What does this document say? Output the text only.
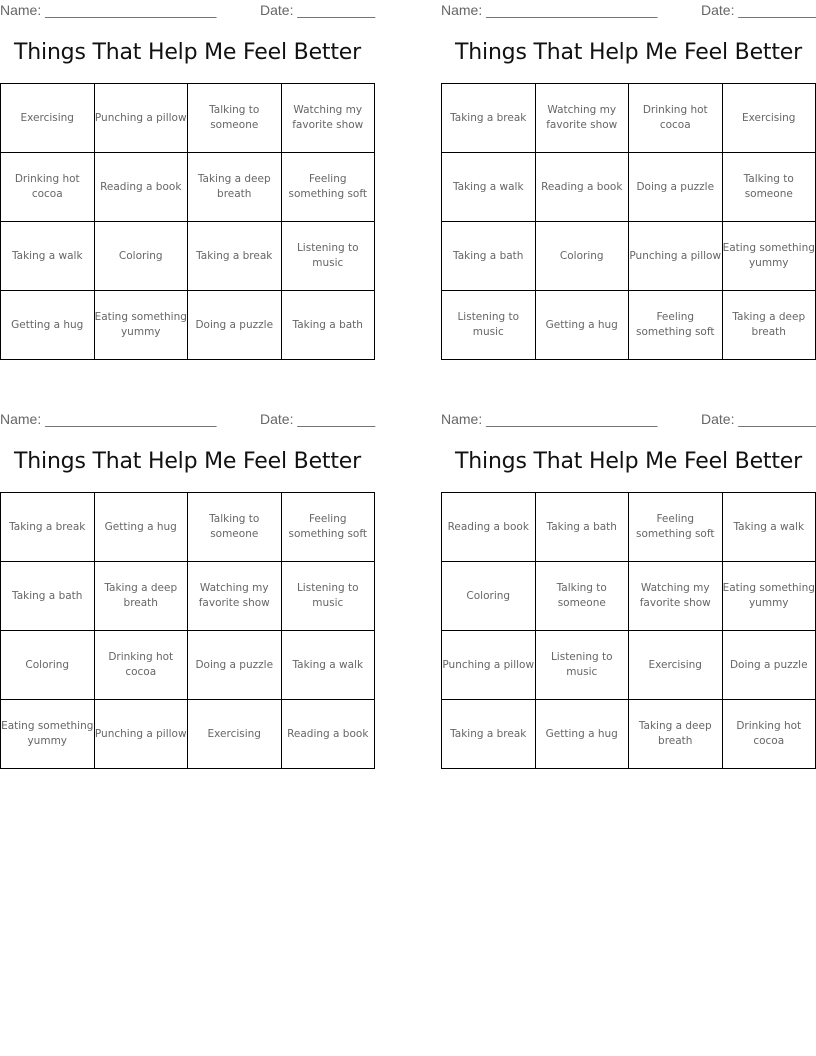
Name: ______________________	Date: __________
Things That Help Me Feel Better
Exercising	Punching a pillow	Talking to someone	Watching my favorite show
Drinking hot cocoa	Reading a book	Taking a deep breath	Feeling something soft
Taking a walk	Coloring	Taking a break	Listening to music
Getting a hug	Eating something yummy	Doing a puzzle	Taking a bath
Name: ______________________	Date: __________
Things That Help Me Feel Better
Taking a break	Watching my favorite show	Drinking hot cocoa	Exercising
Taking a walk	Reading a book	Doing a puzzle	Talking to someone
Taking a bath	Coloring	Punching a pillow	Eating something yummy
Listening to music	Getting a hug	Feeling something soft	Taking a deep breath
Name: ______________________	Date: __________
Things That Help Me Feel Better
Taking a break	Getting a hug	Talking to someone	Feeling something soft
Taking a bath	Taking a deep breath	Watching my favorite show	Listening to music
Coloring	Drinking hot cocoa	Doing a puzzle	Taking a walk
Eating something yummy	Punching a pillow	Exercising	Reading a book
Name: ______________________	Date: __________
Things That Help Me Feel Better
Reading a book	Taking a bath	Feeling something soft	Taking a walk
Coloring	Talking to someone	Watching my favorite show	Eating something yummy
Punching a pillow	Listening to music	Exercising	Doing a puzzle
Taking a break	Getting a hug	Taking a deep breath	Drinking hot cocoa
